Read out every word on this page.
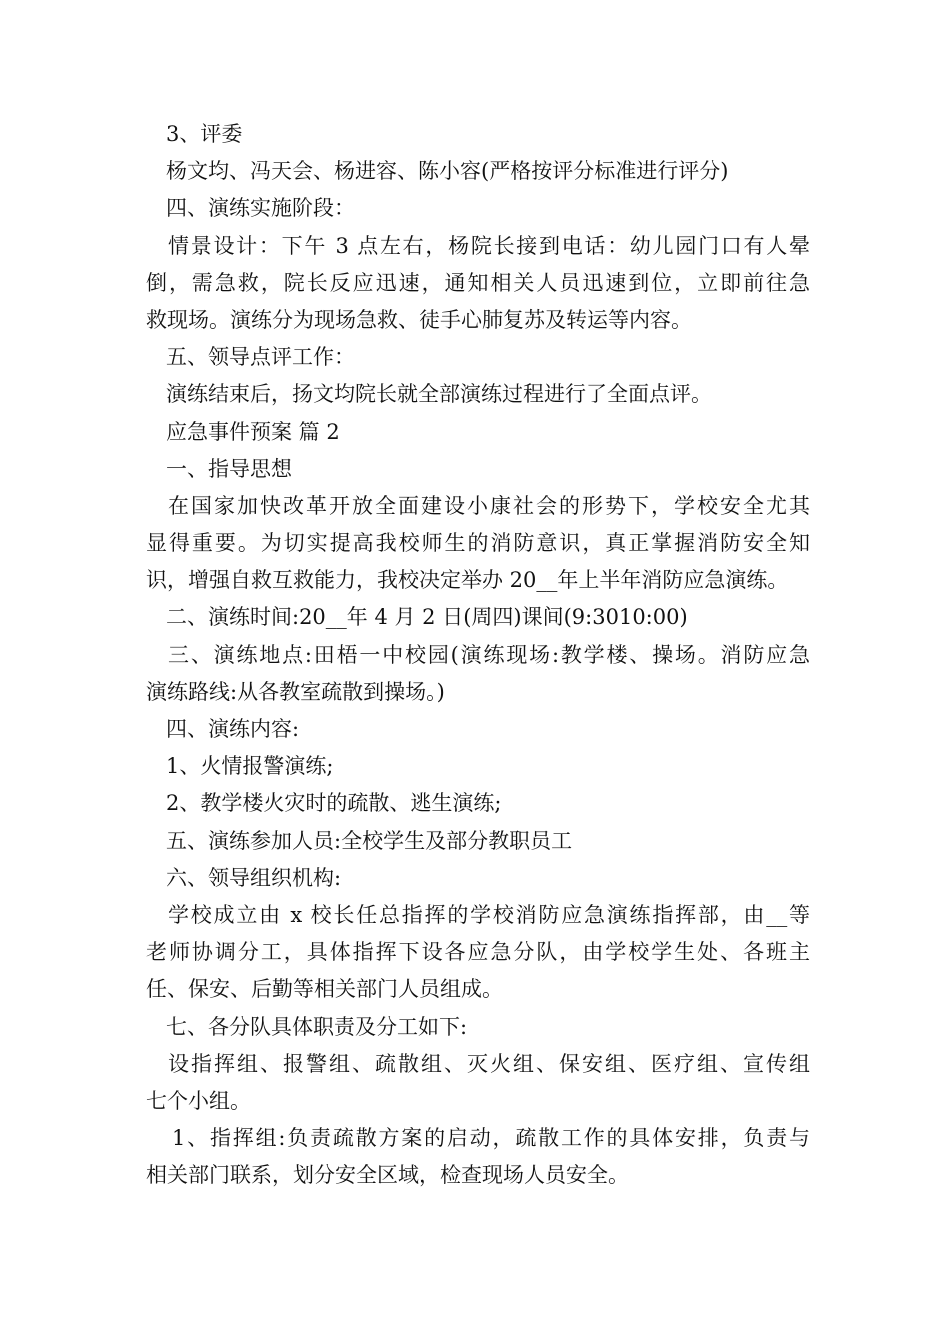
3、评委
杨文均、冯天会、杨进容、陈小容(严格按评分标准进行评分)
四、演练实施阶段：
情景设计：下午 3 点左右，杨院长接到电话：幼儿园门口有人晕
倒，需急救，院长反应迅速，通知相关人员迅速到位，立即前往急
救现场。演练分为现场急救、徒手心肺复苏及转运等内容。
五、领导点评工作：
演练结束后，扬文均院长就全部演练过程进行了全面点评。
应急事件预案 篇 2
一、指导思想
在国家加快改革开放全面建设小康社会的形势下，学校安全尤其
显得重要。为切实提高我校师生的消防意识，真正掌握消防安全知
识，增强自救互救能力，我校决定举办 20__年上半年消防应急演练。
二、演练时间:20__年 4 月 2 日(周四)课间(9:3010:00)
三、演练地点:田梧一中校园(演练现场:教学楼、操场。消防应急
演练路线:从各教室疏散到操场。)
四、演练内容:
1、火情报警演练;
2、教学楼火灾时的疏散、逃生演练;
五、演练参加人员:全校学生及部分教职员工
六、领导组织机构:
学校成立由 x 校长任总指挥的学校消防应急演练指挥部，由__等
老师协调分工，具体指挥下设各应急分队，由学校学生处、各班主
任、保安、后勤等相关部门人员组成。
七、各分队具体职责及分工如下:
设指挥组、报警组、疏散组、灭火组、保安组、医疗组、宣传组
七个小组。
1、指挥组:负责疏散方案的启动，疏散工作的具体安排，负责与
相关部门联系，划分安全区域，检查现场人员安全。
